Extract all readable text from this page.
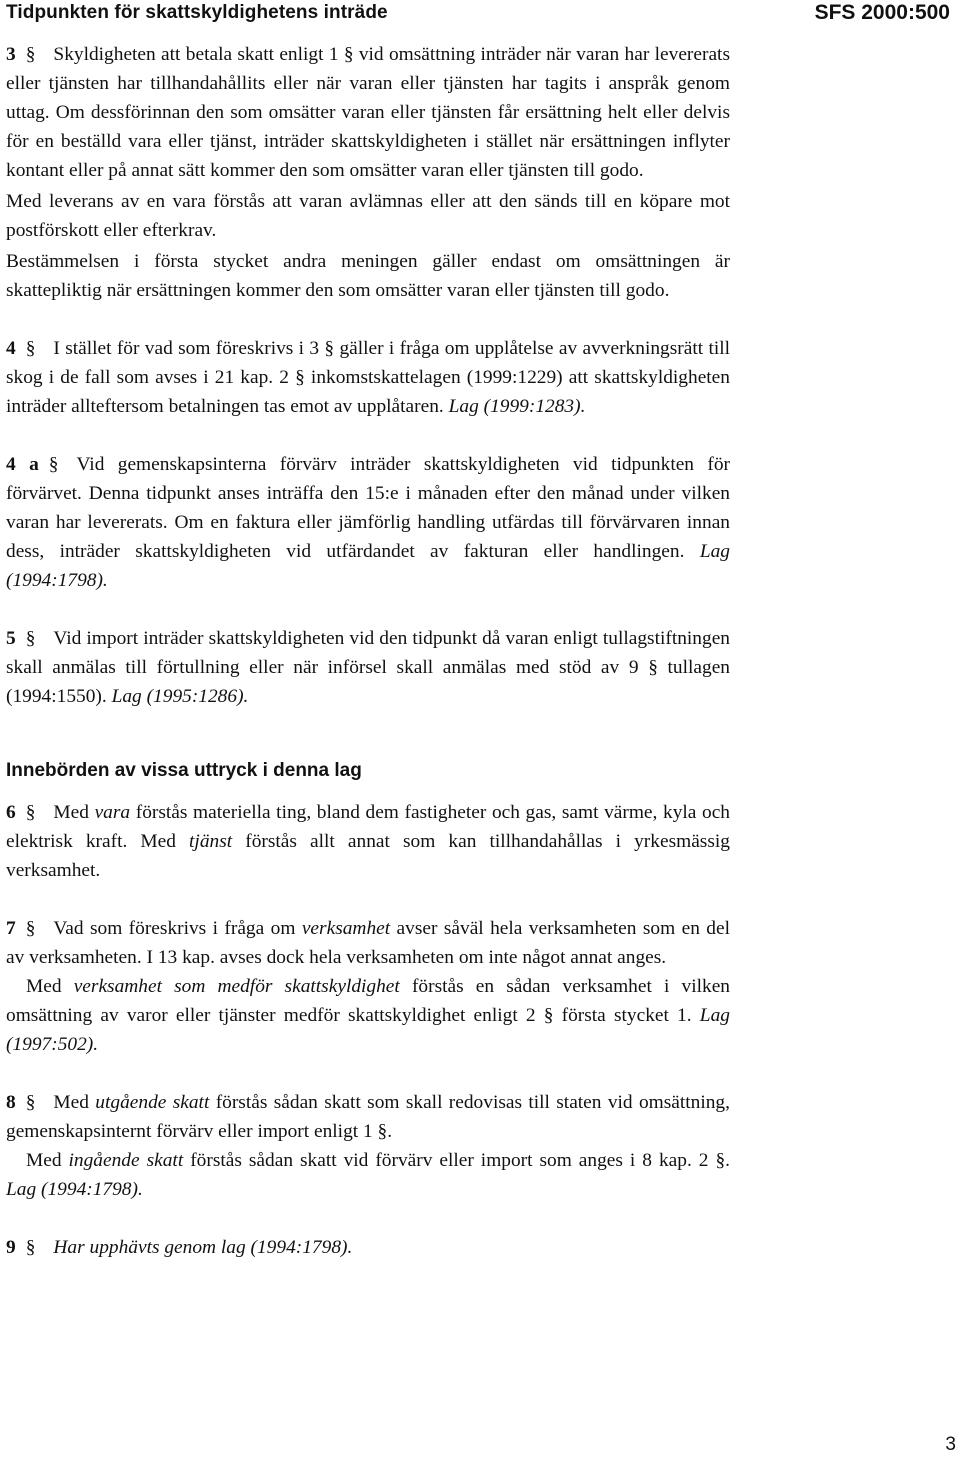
Tidpunkten för skattskyldighetens inträde	SFS 2000:500

3 § Skyldigheten att betala skatt enligt 1 § vid omsättning inträder när varan har levererats eller tjänsten har tillhandahållits eller när varan eller tjänsten har tagits i anspråk genom uttag. Om dessförinnan den som omsätter varan eller tjänsten får ersättning helt eller delvis för en beställd vara eller tjänst, inträder skattskyldigheten i stället när ersättningen inflyter kontant eller på annat sätt kommer den som omsätter varan eller tjänsten till godo.

Med leverans av en vara förstås att varan avlämnas eller att den sänds till en köpare mot postförskott eller efterkrav.

Bestämmelsen i första stycket andra meningen gäller endast om omsättningen är skattepliktig när ersättningen kommer den som omsätter varan eller tjänsten till godo.

4 § I stället för vad som föreskrivs i 3 § gäller i fråga om upplåtelse av avverkningsrätt till skog i de fall som avses i 21 kap. 2 § inkomstskattelagen (1999:1229) att skattskyldigheten inträder allteftersom betalningen tas emot av upplåtaren. Lag (1999:1283).

4 a § Vid gemenskapsinterna förvärv inträder skattskyldigheten vid tidpunkten för förvärvet. Denna tidpunkt anses inträffa den 15:e i månaden efter den månad under vilken varan har levererats. Om en faktura eller jämförlig handling utfärdas till förvärvaren innan dess, inträder skattskyldigheten vid utfärdandet av fakturan eller handlingen. Lag (1994:1798).

5 § Vid import inträder skattskyldigheten vid den tidpunkt då varan enligt tullagstiftningen skall anmälas till förtullning eller när införsel skall anmälas med stöd av 9 § tullagen (1994:1550). Lag (1995:1286).

Innebörden av vissa uttryck i denna lag

6 § Med vara förstås materiella ting, bland dem fastigheter och gas, samt värme, kyla och elektrisk kraft. Med tjänst förstås allt annat som kan tillhandahållas i yrkesmässig verksamhet.

7 § Vad som föreskrivs i fråga om verksamhet avser såväl hela verksamheten som en del av verksamheten. I 13 kap. avses dock hela verksamheten om inte något annat anges.

Med verksamhet som medför skattskyldighet förstås en sådan verksamhet i vilken omsättning av varor eller tjänster medför skattskyldighet enligt 2 § första stycket 1. Lag (1997:502).

8 § Med utgående skatt förstås sådan skatt som skall redovisas till staten vid omsättning, gemenskapsinternt förvärv eller import enligt 1 §.

Med ingående skatt förstås sådan skatt vid förvärv eller import som anges i 8 kap. 2 §. Lag (1994:1798).

9 § Har upphävts genom lag (1994:1798).

3
